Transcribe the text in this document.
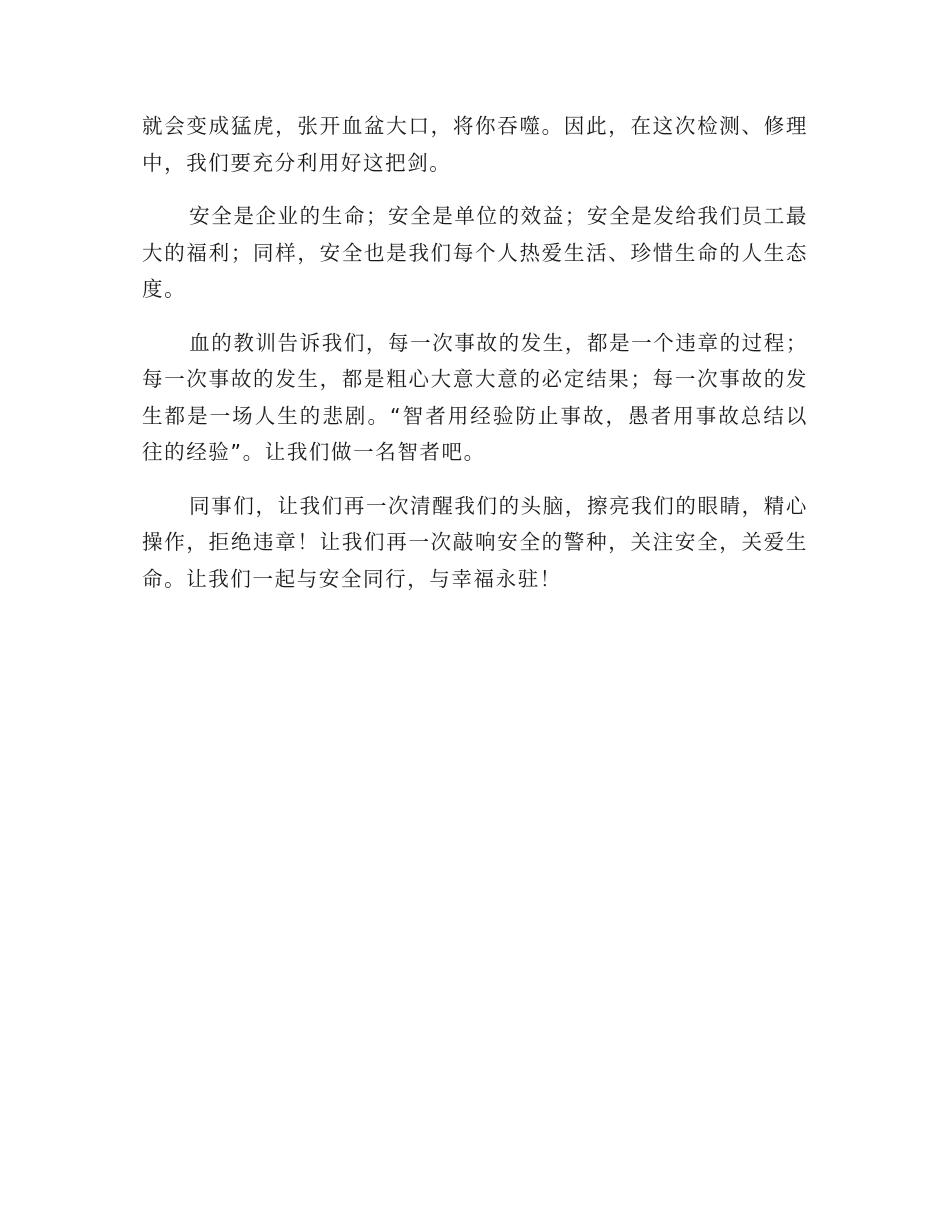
就会变成猛虎，张开血盆大口，将你吞噬。因此，在这次检测、修理中，我们要充分利用好这把剑。

安全是企业的生命；安全是单位的效益；安全是发给我们员工最大的福利；同样，安全也是我们每个人热爱生活、珍惜生命的人生态度。

血的教训告诉我们，每一次事故的发生，都是一个违章的过程；每一次事故的发生，都是粗心大意大意的必定结果；每一次事故的发生都是一场人生的悲剧。“智者用经验防止事故，愚者用事故总结以往的经验”。让我们做一名智者吧。

同事们，让我们再一次清醒我们的头脑，擦亮我们的眼睛，精心操作，拒绝违章！让我们再一次敲响安全的警种，关注安全，关爱生命。让我们一起与安全同行，与幸福永驻！
